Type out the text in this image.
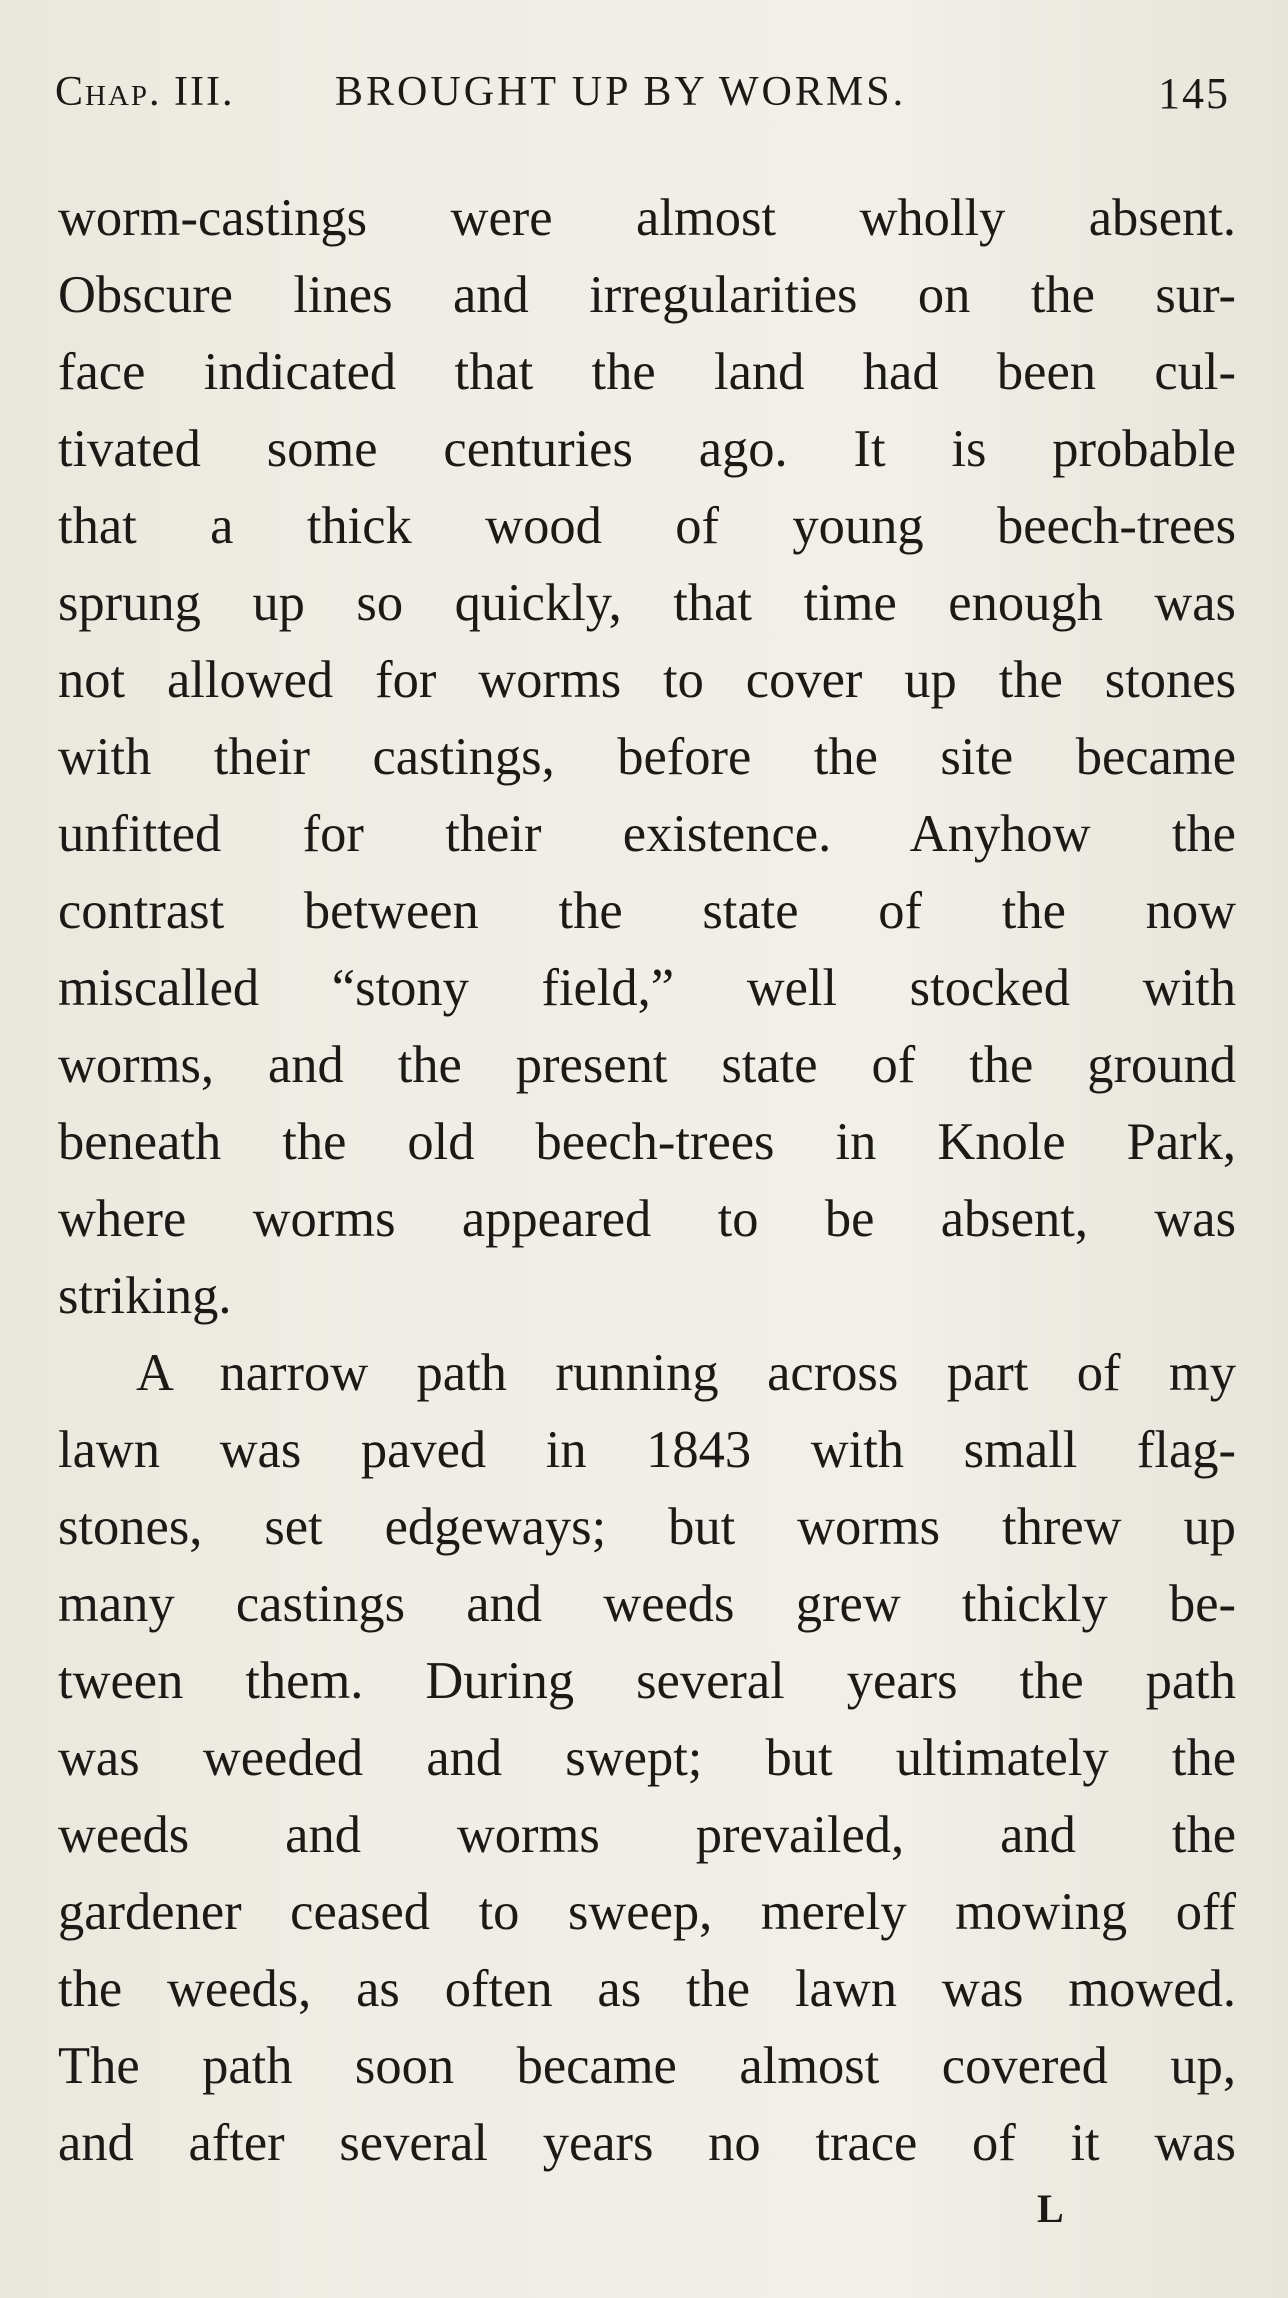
Chap. III. BROUGHT UP BY WORMS.	145
worm-castings were almost wholly absent.
Obscure lines and irregularities on the sur-
face indicated that the land had been cul-
tivated some centuries ago. It is probable
that a thick wood of young beech-trees
sprung up so quickly, that time enough was
not allowed for worms to cover up the stones
with their castings, before the site became
unfitted for their existence. Anyhow the
contrast between the state of the now
miscalled “stony field,” well stocked with
worms, and the present state of the ground
beneath the old beech-trees in Knole Park,
where worms appeared to be absent, was
striking.
A narrow path running across part of my
lawn was paved in 1843 with small flag-
stones, set edgeways; but worms threw up
many castings and weeds grew thickly be-
tween them. During several years the path
was weeded and swept; but ultimately the
weeds and worms prevailed, and the
gardener ceased to sweep, merely mowing off
the weeds, as often as the lawn was mowed.
The path soon became almost covered up,
and after several years no trace of it was
L
